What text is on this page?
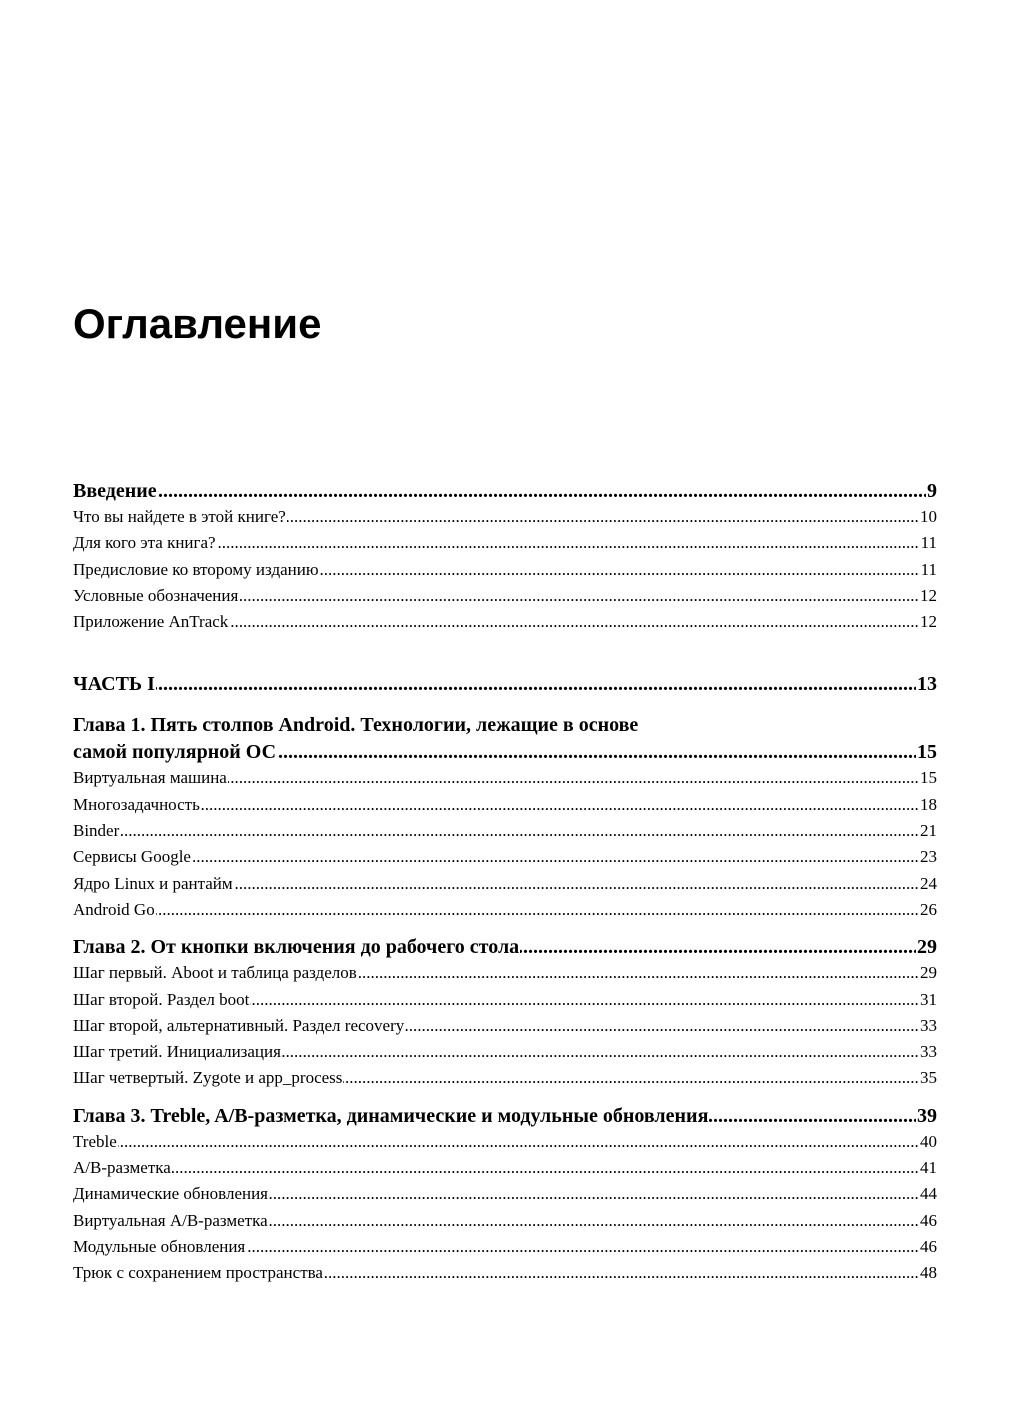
Оглавление
.....
Введение	9
.....
Что вы найдете в этой книге?	10
.....
Для кого эта книга?	11
.....
Предисловие ко второму изданию	11
.....
Условные обозначения	12
.....
Приложение AnTrack	12
.....
ЧАСТЬ I	13
Глава 1. Пять столпов Android. Технологии, лежащие в основе
.....
самой популярной ОС	15
.....
Виртуальная машина	15
.....
Многозадачность	18
.....
Binder	21
.....
Сервисы Google	23
.....
Ядро Linux и рантайм	24
.....
Android Go	26
.....
Глава 2. От кнопки включения до рабочего стола	29
.....
Шаг первый. Aboot и таблица разделов	29
.....
Шаг второй. Раздел boot	31
.....
Шаг второй, альтернативный. Раздел recovery	33
.....
Шаг третий. Инициализация	33
.....
Шаг четвертый. Zygote и app_process	35
.....
Глава 3. Treble, A/B-разметка, динамические и модульные обновления	39
.....
Treble	40
.....
A/B-разметка	41
.....
Динамические обновления	44
.....
Виртуальная A/B-разметка	46
.....
Модульные обновления	46
.....
Трюк с сохранением пространства	48
